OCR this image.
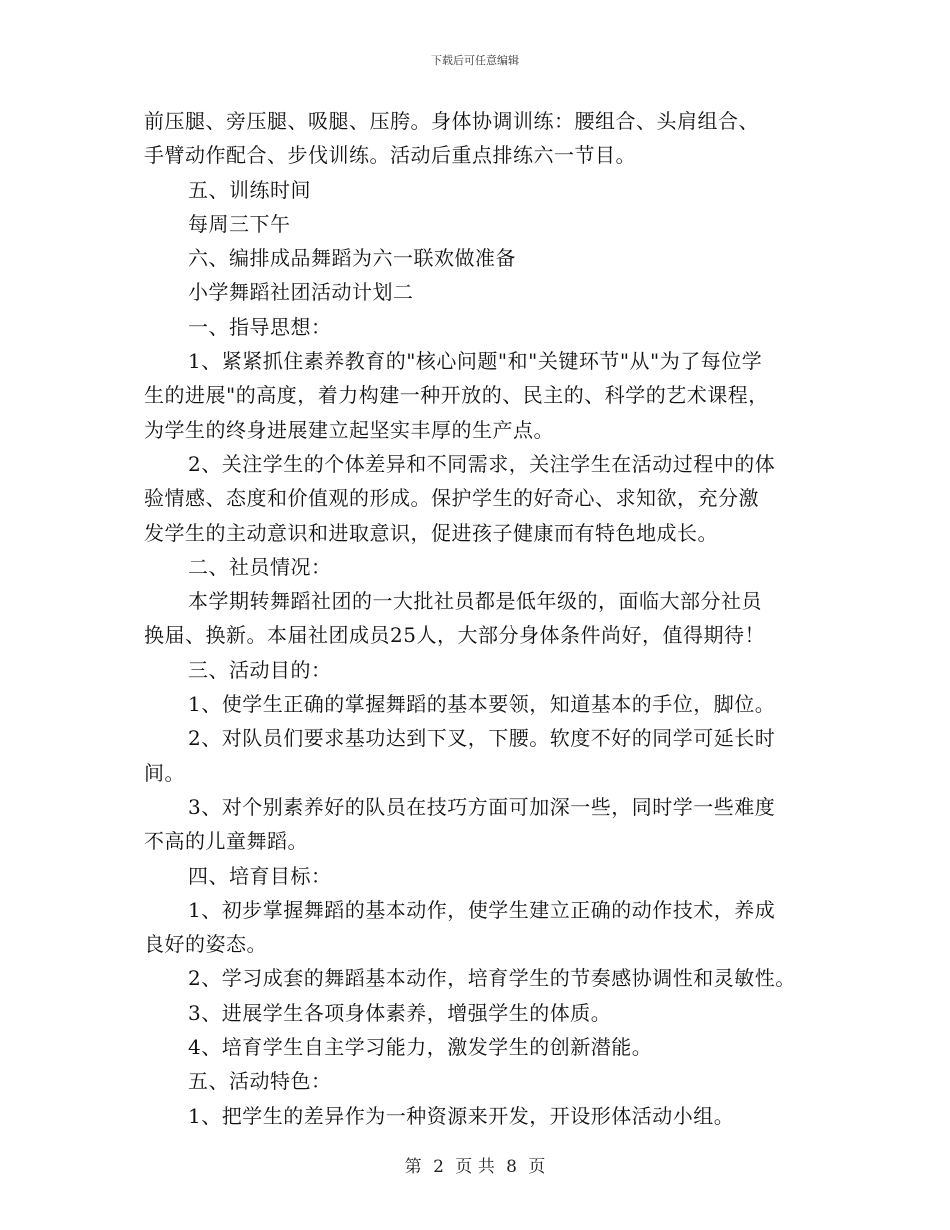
下载后可任意编辑
前压腿、旁压腿、吸腿、压胯。身体协调训练：腰组合、头肩组合、
手臂动作配合、步伐训练。活动后重点排练六一节目。
五、训练时间
每周三下午
六、编排成品舞蹈为六一联欢做准备
小学舞蹈社团活动计划二
一、指导思想：
1、紧紧抓住素养教育的"核心问题"和"关键环节"从"为了每位学
生的进展"的高度，着力构建一种开放的、民主的、科学的艺术课程，
为学生的终身进展建立起坚实丰厚的生产点。
2、关注学生的个体差异和不同需求，关注学生在活动过程中的体
验情感、态度和价值观的形成。保护学生的好奇心、求知欲，充分激
发学生的主动意识和进取意识，促进孩子健康而有特色地成长。
二、社员情况：
本学期转舞蹈社团的一大批社员都是低年级的，面临大部分社员
换届、换新。本届社团成员25人，大部分身体条件尚好，值得期待！
三、活动目的：
1、使学生正确的掌握舞蹈的基本要领，知道基本的手位，脚位。
2、对队员们要求基功达到下叉，下腰。软度不好的同学可延长时
间。
3、对个别素养好的队员在技巧方面可加深一些，同时学一些难度
不高的儿童舞蹈。
四、培育目标：
1、初步掌握舞蹈的基本动作，使学生建立正确的动作技术，养成
良好的姿态。
2、学习成套的舞蹈基本动作，培育学生的节奏感协调性和灵敏性。
3、进展学生各项身体素养，增强学生的体质。
4、培育学生自主学习能力，激发学生的创新潜能。
五、活动特色：
1、把学生的差异作为一种资源来开发，开设形体活动小组。
第 2 页 共 8 页
